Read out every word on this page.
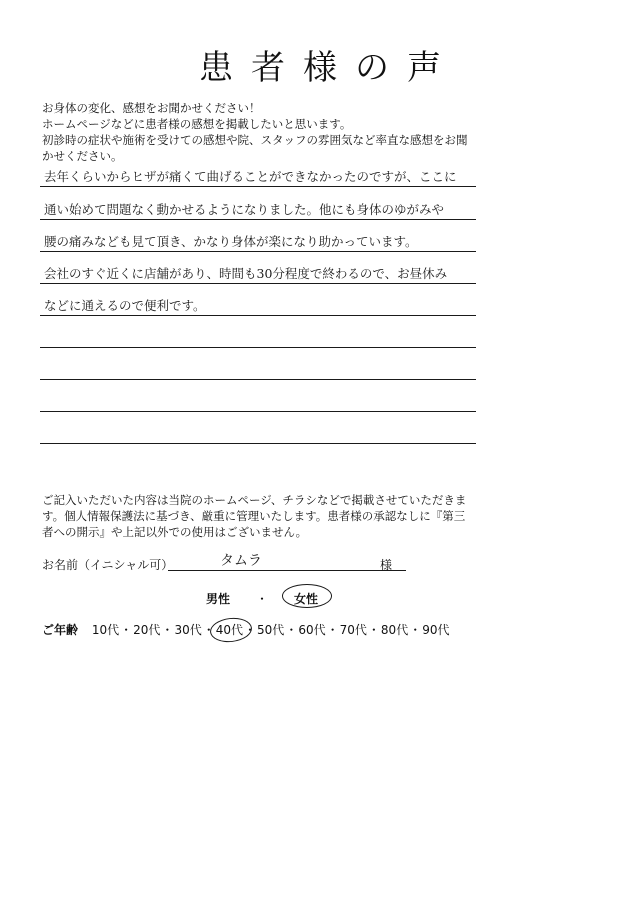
患者様の声
お身体の変化、感想をお聞かせください！
ホームページなどに患者様の感想を掲載したいと思います。
初診時の症状や施術を受けての感想や院、スタッフの雰囲気など率直な感想をお聞
かせください。
去年くらいからヒザが痛くて曲げることができなかったのですが、ここに
通い始めて問題なく動かせるようになりました。他にも身体のゆがみや
腰の痛みなども見て頂き、かなり身体が楽になり助かっています。
会社のすぐ近くに店舗があり、時間も30分程度で終わるので、お昼休み
などに通えるので便利です。
ご記入いただいた内容は当院のホームページ、チラシなどで掲載させていただきま
す。個人情報保護法に基づき、厳重に管理いたします。患者様の承認なしに『第三
者への開示』や上記以外での使用はございません。
お名前（イニシャル可）	タムラ	様
男性 ・ 女性
ご年齢 10代・20代・30代・
40代・50代・60代・70代・80代・90代
